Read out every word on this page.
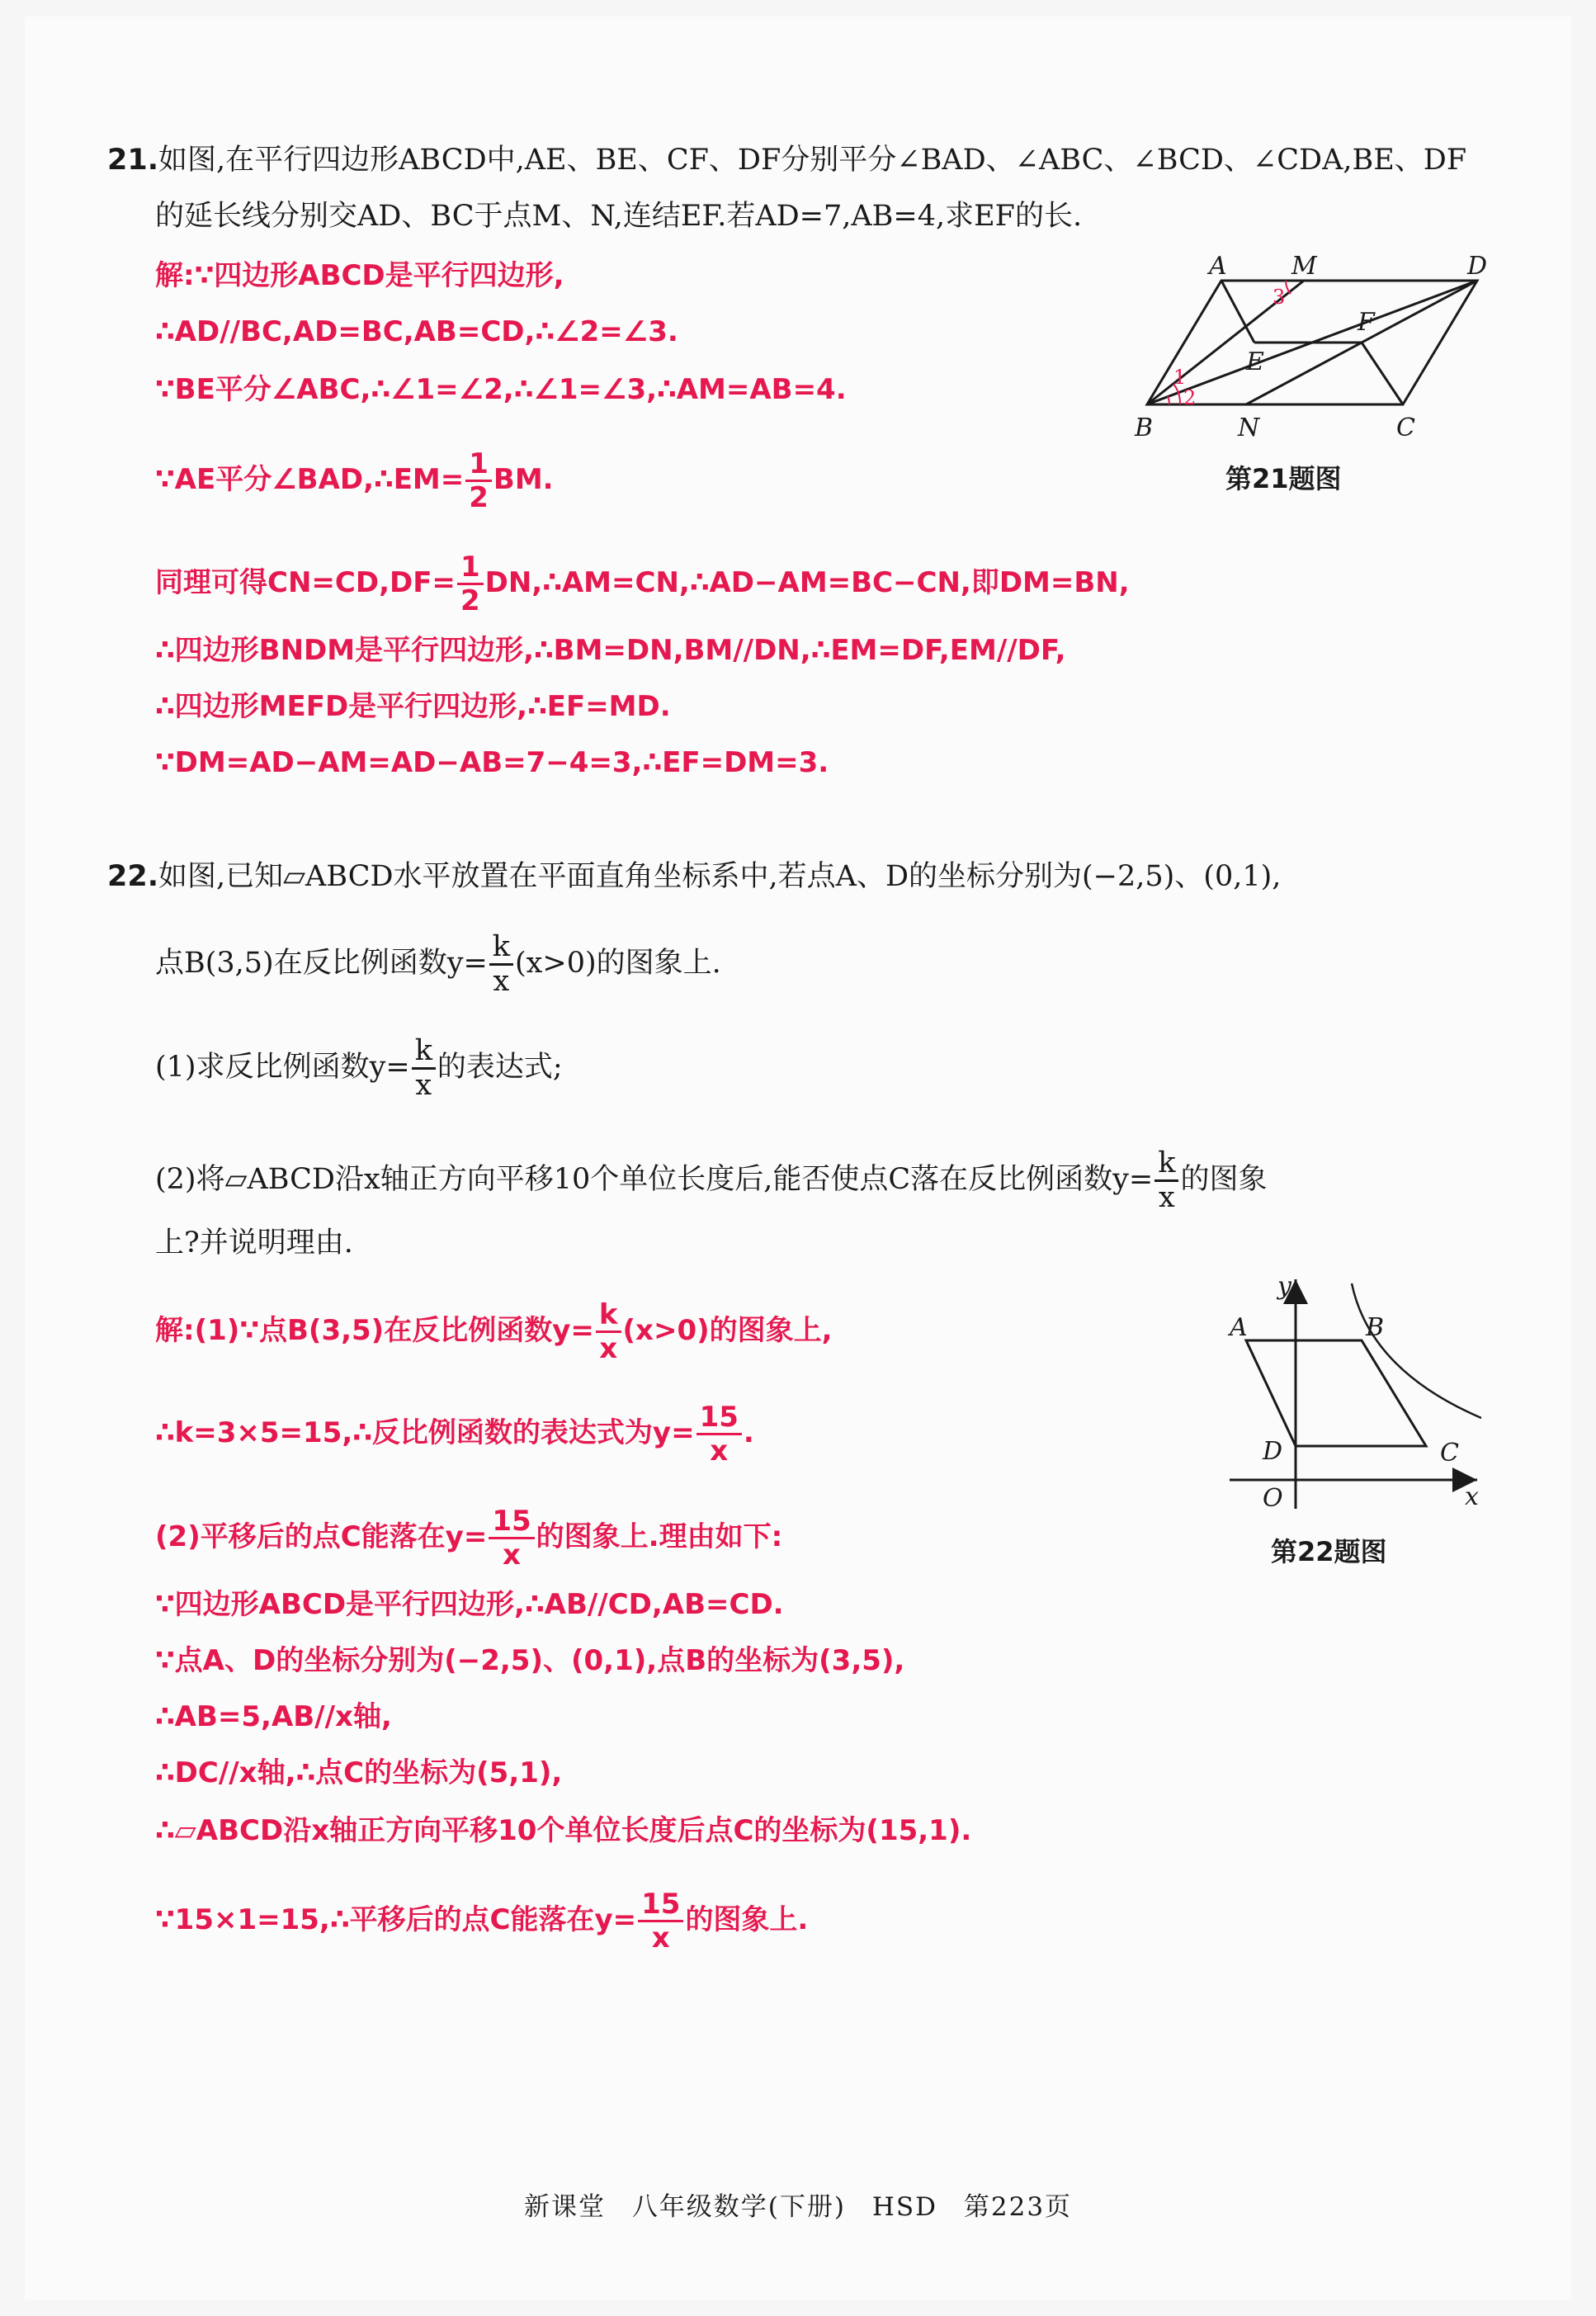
21.如图,在平行四边形ABCD中,AE、BE、CF、DF分别平分∠BAD、∠ABC、∠BCD、∠CDA,BE、DF
的延长线分别交AD、BC于点M、N,连结EF.若AD=7,AB=4,求EF的长.
解:∵四边形ABCD是平行四边形,
∴AD//BC,AD=BC,AB=CD,∴∠2=∠3.
∵BE平分∠ABC,∴∠1=∠2,∴∠1=∠3,∴AM=AB=4.
∵AE平分∠BAD,∴EM= $\frac{1}{2}$ BM.
同理可得$CN=CD,DF= \frac{1}{2}$ DN,∴AM=CN,∴AD−AM=BC−CN,即DM=BN,
∴四边形BNDM是平行四边形,∴BM=DN,BM//DN,∴EM=DF,EM//DF,
∴四边形MEFD是平行四边形,∴EF=MD.
∵DM=AD−AM=AD−AB=7−4=3,∴EF=DM=3.
A	M	D
F
E
B	N	C
1
2
3
第21题图
22.如图,已知▱ABCD水平放置在平面直角坐标系中,若点A、D的坐标分别为(−2,5)、(0,1),
点B(3,5)在反比例函数$y= \frac{k}{x} (x>0)$的图象上.
(1)求反比例函数$y= \frac{k}{x}$ 的表达式;
(2)将▱ABCD沿x轴正方向平移10个单位长度后,能否使点C落在反比例函数$y= \frac{k}{x}$ 的图象
上?并说明理由.
解:(1)∵点B(3,5)在反比例函数$y= \frac{k}{x} (x>0)$的图象上,
∴k=3×5=15,∴反比例函数的表达式为$y= \frac{15}{x}$ .
(2)平移后的点C能落在$y= \frac{15}{x}$ 的图象上.理由如下:
∵四边形ABCD是平行四边形,∴AB//CD,AB=CD.
∵点A、D的坐标分别为(−2,5)、(0,1),点B的坐标为(3,5),
∴AB=5,AB//x轴,
∴DC//x轴,∴点C的坐标为(5,1),
∴▱ABCD沿x轴正方向平移10个单位长度后点C的坐标为(15,1).
∵15×1=15,∴平移后的点C能落在$y= \frac{15}{x}$ 的图象上.
y
x
A	B
C
D
O
第22题图
新课堂 八年级数学(下册) HSD 第223页
